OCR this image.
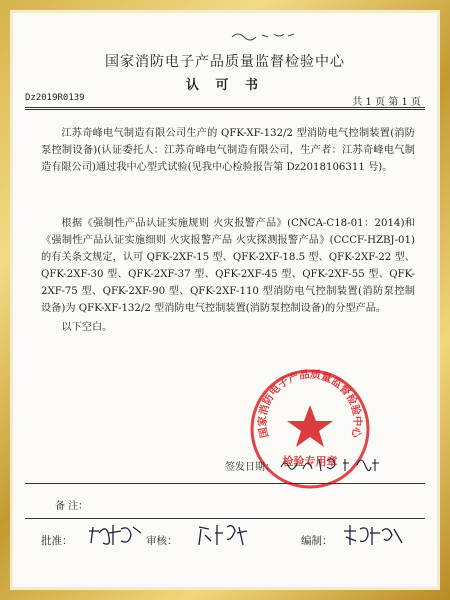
国家消防电子产品质量监督检验中心
认 可 书
Dz2019R0139	共 1 页 第 1 页
江苏奇峰电气制造有限公司生产的 QFK-XF-132/2 型消防电气控制装置(消防泵控制设备)(认证委托人：江苏奇峰电气制造有限公司，生产者：江苏奇峰电气制造有限公司)通过我中心型式试验(见我中心检验报告第 Dz2018106311 号)。
根据《强制性产品认证实施规则 火灾报警产品》(CNCA-C18-01：2014)和《强制性产品认证实施细则 火灾报警产品 火灾探测报警产品》(CCCF-HZBJ-01)的有关条文规定，认可 QFK-2XF-15 型、QFK-2XF-18.5 型、QFK-2XF-22 型、QFK-2XF-30 型、QFK-2XF-37 型、QFK-2XF-45 型、QFK-2XF-55 型、QFK-2XF-75 型、QFK-2XF-90 型、QFK-2XF-110 型消防电气控制装置(消防泵控制设备)为 QFK-XF-132/2 型消防电气控制装置(消防泵控制设备)的分型产品。
以下空白。
国家消防电子产品质量监督检验中心
检验专用章
签发日期：
备 注：
批准：	审核：	编制：
